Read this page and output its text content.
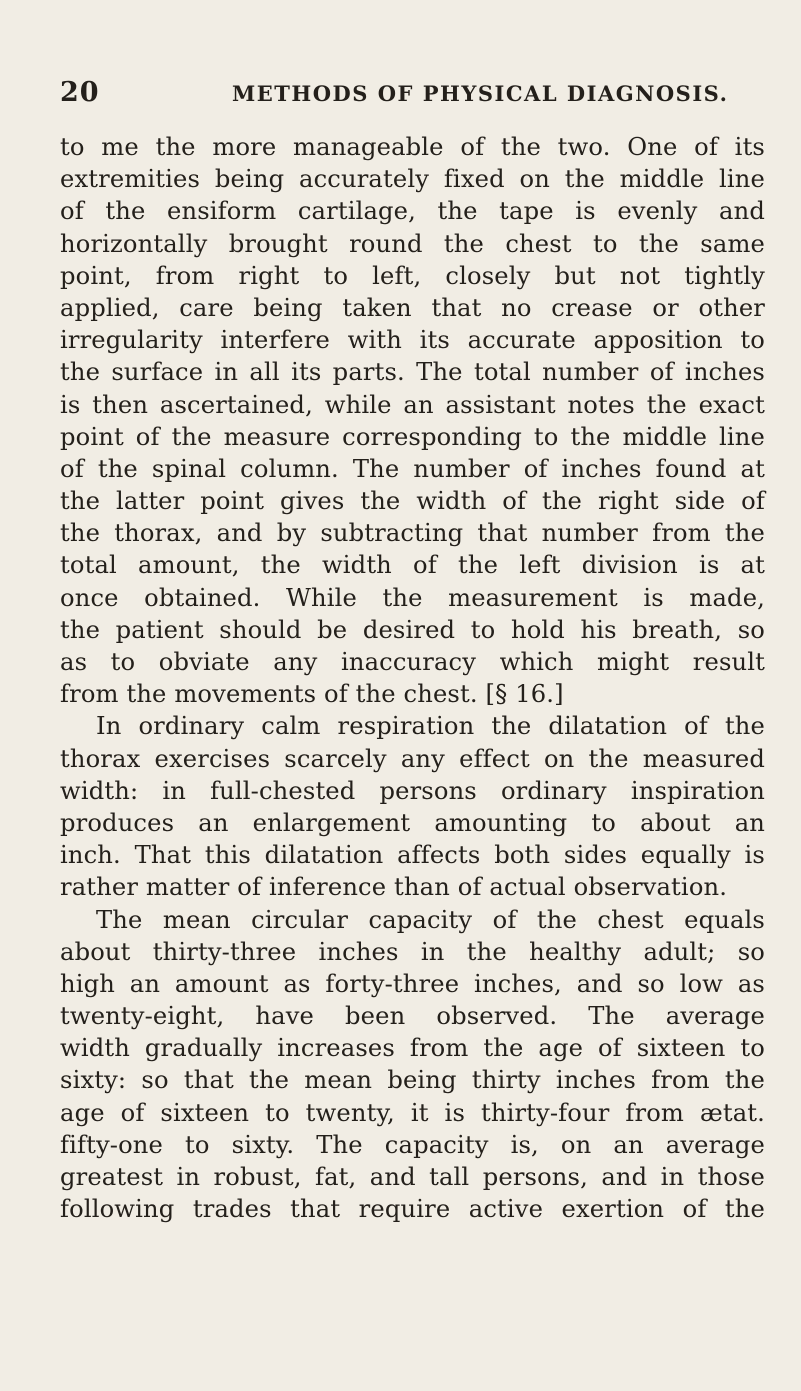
20	METHODS OF PHYSICAL DIAGNOSIS.
to me the more manageable of the two. One of its
extremities being accurately fixed on the middle line
of the ensiform cartilage, the tape is evenly and
horizontally brought round the chest to the same
point, from right to left, closely but not tightly
applied, care being taken that no crease or other
irregularity interfere with its accurate apposition to
the surface in all its parts. The total number of inches
is then ascertained, while an assistant notes the exact
point of the measure corresponding to the middle line
of the spinal column. The number of inches found at
the latter point gives the width of the right side of
the thorax, and by subtracting that number from the
total amount, the width of the left division is at
once obtained. While the measurement is made,
the patient should be desired to hold his breath, so
as to obviate any inaccuracy which might result
from the movements of the chest. [§ 16.]
In ordinary calm respiration the dilatation of the
thorax exercises scarcely any effect on the measured
width: in full-chested persons ordinary inspiration
produces an enlargement amounting to about an
inch. That this dilatation affects both sides equally is
rather matter of inference than of actual observation.
The mean circular capacity of the chest equals
about thirty-three inches in the healthy adult; so
high an amount as forty-three inches, and so low as
twenty-eight, have been observed. The average
width gradually increases from the age of sixteen to
sixty: so that the mean being thirty inches from the
age of sixteen to twenty, it is thirty-four from ætat.
fifty-one to sixty. The capacity is, on an average
greatest in robust, fat, and tall persons, and in those
following trades that require active exertion of the
